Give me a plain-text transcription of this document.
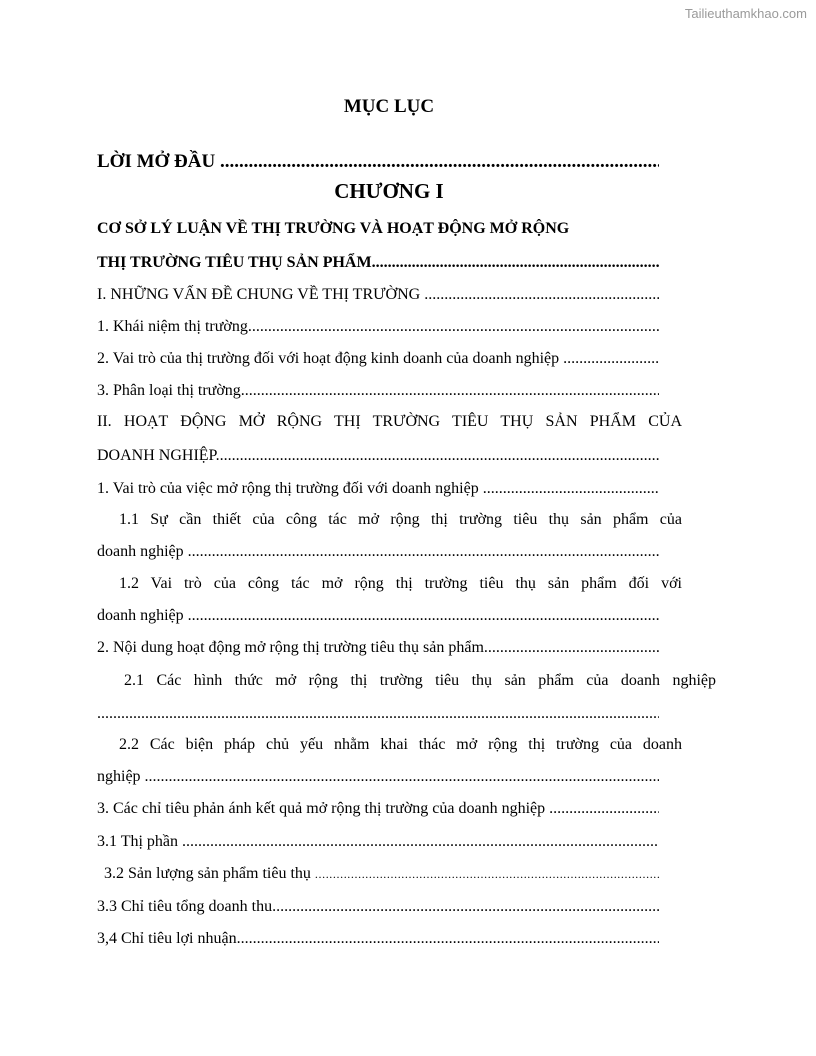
Tailieuthamkhao.com
MỤC LỤC
LỜI MỞ ĐẦU .....
CHƯƠNG I
CƠ SỞ LÝ LUẬN VỀ THỊ TRƯỜNG VÀ HOẠT ĐỘNG MỞ RỘNG
THỊ TRƯỜNG TIÊU THỤ SẢN PHẨM .....
I. NHỮNG VẤN ĐỀ CHUNG VỀ THỊ TRƯỜNG .....
1. Khái niệm thị trường .....
2. Vai trò của thị trường đối với hoạt động kinh doanh của doanh nghiệp .....
3. Phân loại thị trường .....
II. HOẠT ĐỘNG MỞ RỘNG THỊ TRƯỜNG TIÊU THỤ SẢN PHẨM CỦA
DOANH NGHIỆP .....
1. Vai trò của việc mở rộng thị trường đối với doanh nghiệp .....
1.1 Sự cần thiết của công tác mở rộng thị trường tiêu thụ sản phẩm của
doanh nghiệp .....
1.2 Vai trò của công tác mở rộng thị trường tiêu thụ sản phẩm đối với
doanh nghiệp .....
2. Nội dung hoạt động mở rộng thị trường tiêu thụ sản phẩm .....
2.1 Các hình thức mở rộng thị trường tiêu thụ sản phẩm của doanh nghiệp
.....
2.2 Các biện pháp chủ yếu nhằm khai thác mở rộng thị trường của doanh
nghiệp .....
3. Các chỉ tiêu phản ánh kết quả mở rộng thị trường của doanh nghiệp .....
3.1 Thị phần .....
3.2 Sản lượng sản phẩm tiêu thụ .....
3.3 Chỉ tiêu tổng doanh thu .....
3,4 Chỉ tiêu lợi nhuận .....
